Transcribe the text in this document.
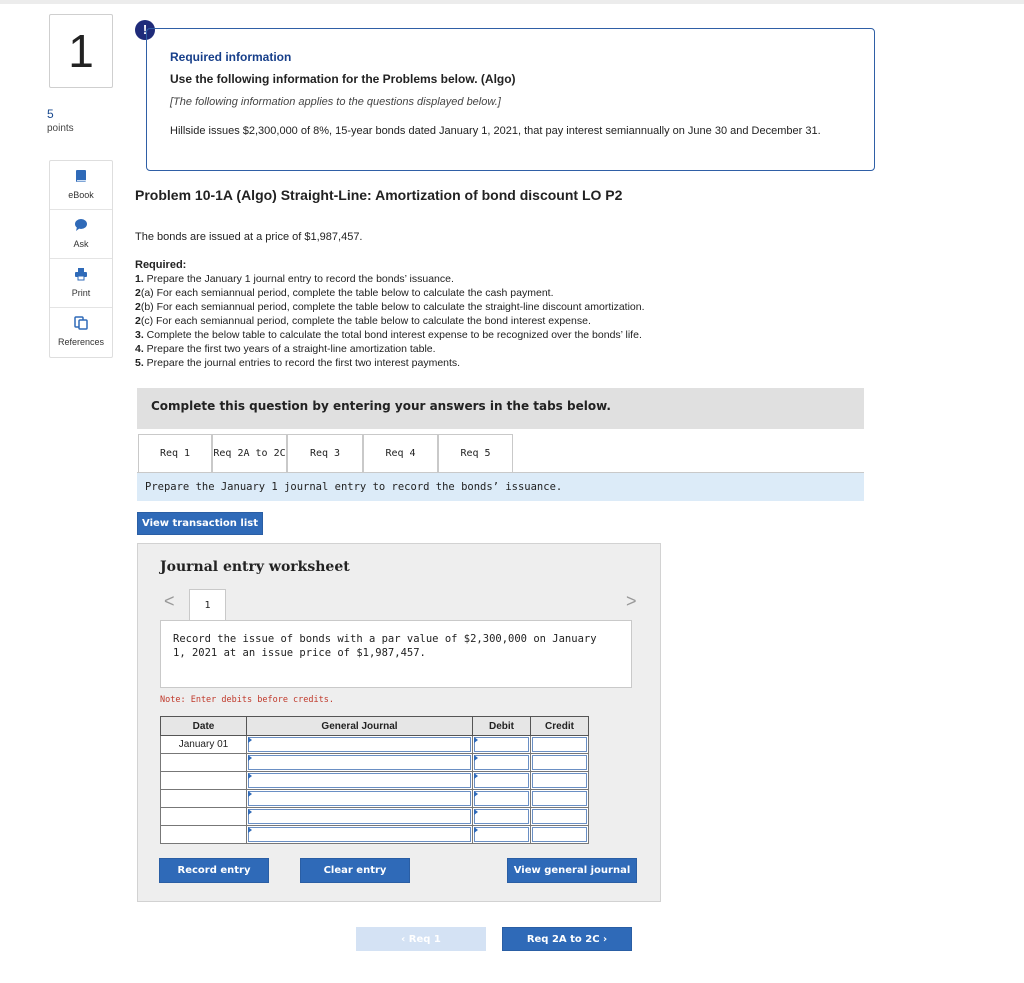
1
5
points
eBook
Ask
Print
References
!
Required information
Use the following information for the Problems below. (Algo)
[The following information applies to the questions displayed below.]
Hillside issues $2,300,000 of 8%, 15-year bonds dated January 1, 2021, that pay interest semiannually on June 30 and December 31.
Problem 10-1A (Algo) Straight-Line: Amortization of bond discount LO P2
The bonds are issued at a price of $1,987,457.
Required:
1. Prepare the January 1 journal entry to record the bonds’ issuance.
2(a) For each semiannual period, complete the table below to calculate the cash payment.
2(b) For each semiannual period, complete the table below to calculate the straight-line discount amortization.
2(c) For each semiannual period, complete the table below to calculate the bond interest expense.
3. Complete the below table to calculate the total bond interest expense to be recognized over the bonds’ life.
4. Prepare the first two years of a straight-line amortization table.
5. Prepare the journal entries to record the first two interest payments.
Complete this question by entering your answers in the tabs below.
Req 1	Req 2A to 2C	Req 3	Req 4	Req 5
Prepare the January 1 journal entry to record the bonds’ issuance.
View transaction list
Journal entry worksheet
<	1	>
Record the issue of bonds with a par value of $2,300,000 on January 1, 2021 at an issue price of $1,987,457.
Note: Enter debits before credits.
Date	General Journal	Debit	Credit
January 01	

Record entry	Clear entry	View general journal
‹ Req 1	Req 2A to 2C ›
